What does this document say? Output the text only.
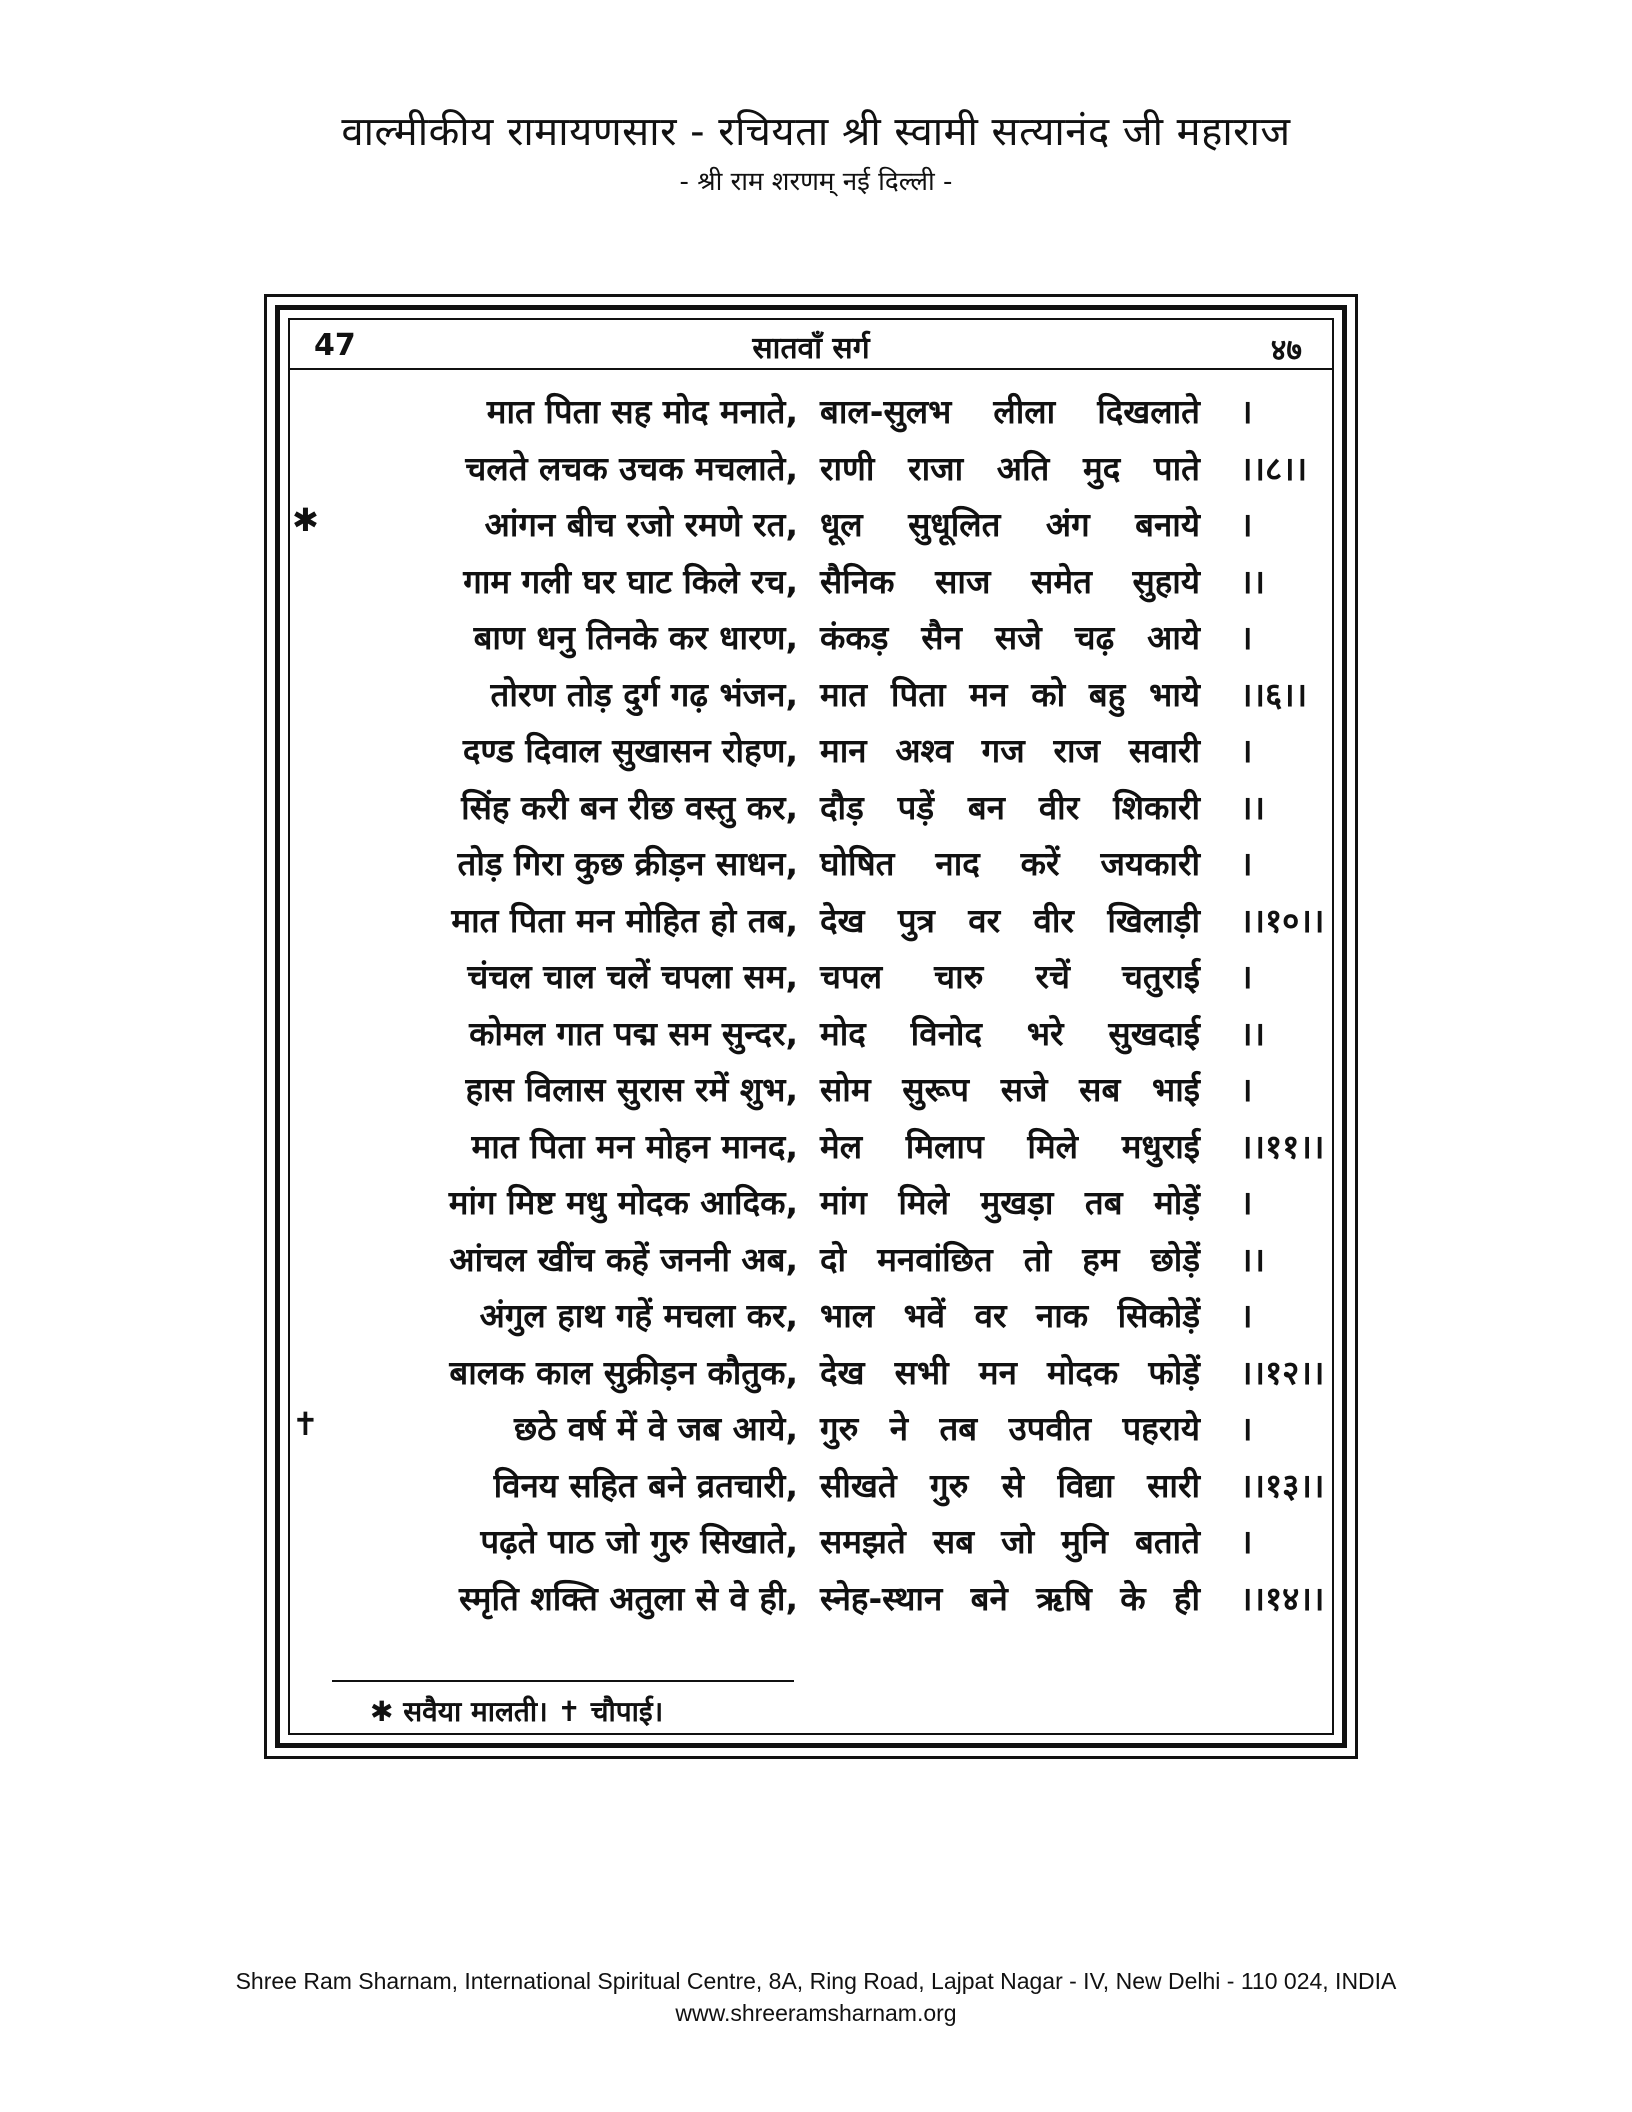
वाल्मीकीय रामायणसार - रचियता श्री स्वामी सत्यानंद जी महाराज
- श्री राम शरणम् नई दिल्ली -
47	सातवाँ सर्ग	४७
मात पिता सह मोद मनाते, बाल-सुलभ लीला दिखलाते ।
चलते लचक उचक मचलाते, राणी राजा अति मुद पाते ।।८।।
✱	आंगन बीच रजो रमणे रत, धूल सुधूलित अंग बनाये ।
गाम गली घर घाट किले रच, सैनिक साज समेत सुहाये ।।
बाण धनु तिनके कर धारण, कंकड़ सैन सजे चढ़ आये ।
तोरण तोड़ दुर्ग गढ़ भंजन, मात पिता मन को बहु भाये ।।६।।
दण्ड दिवाल सुखासन रोहण, मान अश्व गज राज सवारी ।
सिंह करी बन रीछ वस्तु कर, दौड़ पड़ें बन वीर शिकारी ।।
तोड़ गिरा कुछ क्रीड़न साधन, घोषित नाद करें जयकारी ।
मात पिता मन मोहित हो तब, देख पुत्र वर वीर खिलाड़ी ।।१०।।
चंचल चाल चलें चपला सम, चपल चारु रचें चतुराई ।
कोमल गात पद्म सम सुन्दर, मोद विनोद भरे सुखदाई ।।
हास विलास सुरास रमें शुभ, सोम सुरूप सजे सब भाई ।
मात पिता मन मोहन मानद, मेल मिलाप मिले मधुराई ।।११।।
मांग मिष्ट मधु मोदक आदिक, मांग मिले मुखड़ा तब मोड़ें ।
आंचल खींच कहें जननी अब, दो मनवांछित तो हम छोड़ें ।।
अंगुल हाथ गहें मचला कर, भाल भवें वर नाक सिकोड़ें ।
बालक काल सुक्रीड़न कौतुक, देख सभी मन मोदक फोड़ें ।।१२।।
✝	छठे वर्ष में वे जब आये, गुरु ने तब उपवीत पहराये ।
विनय सहित बने व्रतचारी, सीखते गुरु से विद्या सारी ।।१३।।
पढ़ते पाठ जो गुरु सिखाते, समझते सब जो मुनि बताते ।
स्मृति शक्ति अतुला से वे ही, स्नेह-स्थान बने ऋषि के ही ।।१४।।
✱ सवैया मालती। ✝ चौपाई।
Shree Ram Sharnam, International Spiritual Centre, 8A, Ring Road, Lajpat Nagar - IV, New Delhi - 110 024, INDIA
www.shreeramsharnam.org
